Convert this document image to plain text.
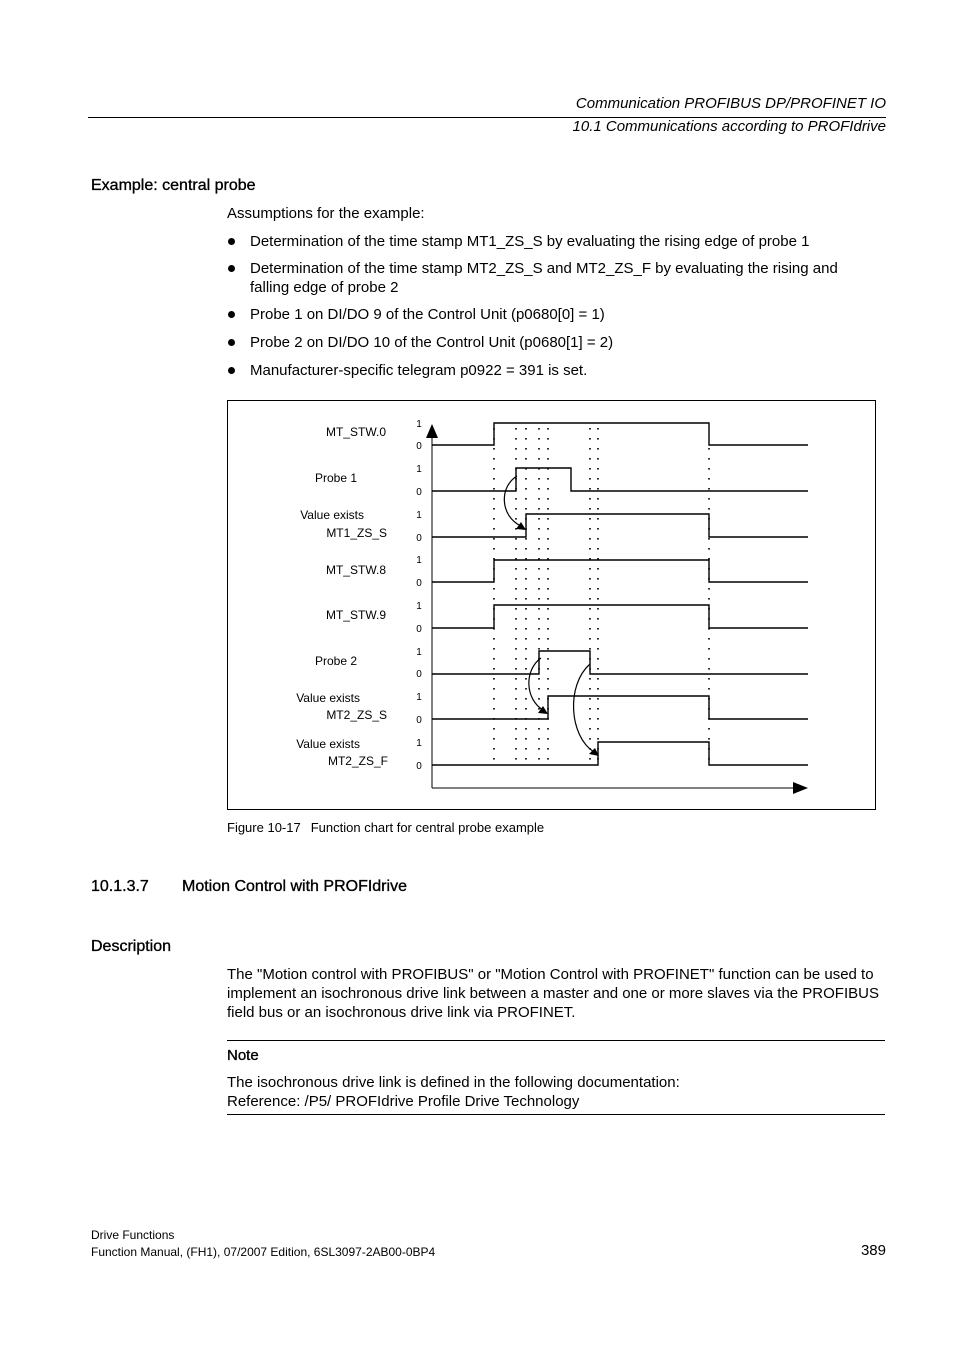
Communication PROFIBUS DP/PROFINET IO
10.1 Communications according to PROFIdrive
Example: central probe
Assumptions for the example:
Determination of the time stamp MT1_ZS_S by evaluating the rising edge of probe 1
Determination of the time stamp MT2_ZS_S and MT2_ZS_F by evaluating the rising and falling edge of probe 2
Probe 1 on DI/DO 9 of the Control Unit (p0680[0] = 1)
Probe 2 on DI/DO 10 of the Control Unit (p0680[1] = 2)
Manufacturer-specific telegram p0922 = 391 is set.
MT_STW.0
Probe 1
Value exists
MT1_ZS_S
MT_STW.8
MT_STW.9
Probe 2
Value exists
MT2_ZS_S
Value exists
MT2_ZS_F
1
0
1
0
1
0
1
0
1
0
1
0
1
0
1
0
Figure 10-17 Function chart for central probe example
10.1.3.7 Motion Control with PROFIdrive
Description
The "Motion control with PROFIBUS" or "Motion Control with PROFINET" function can be used to implement an isochronous drive link between a master and one or more slaves via the PROFIBUS field bus or an isochronous drive link via PROFINET.
Note
The isochronous drive link is defined in the following documentation:
Reference: /P5/ PROFIdrive Profile Drive Technology
Drive Functions
Function Manual, (FH1), 07/2007 Edition, 6SL3097-2AB00-0BP4	389
